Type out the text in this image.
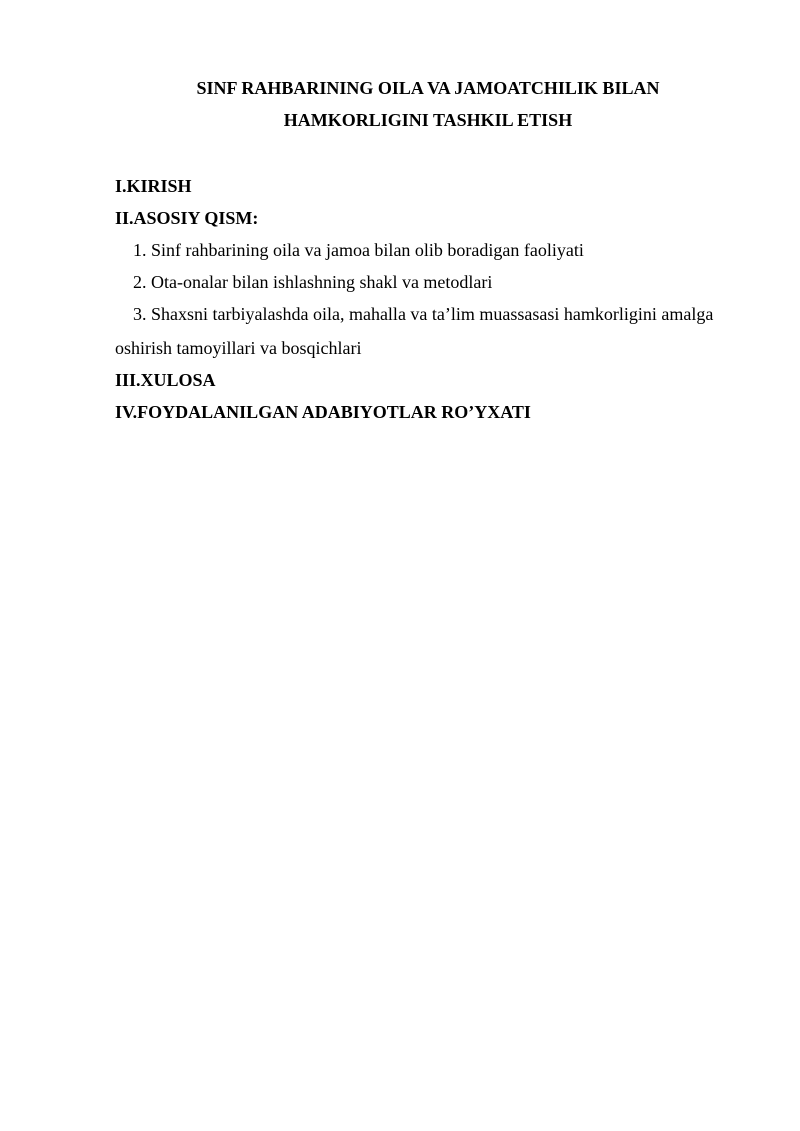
SINF RAHBARINING OILA VA JAMOATCHILIK BILAN
HAMKORLIGINI TASHKIL ETISH
I.KIRISH
II.ASOSIY QISM:
1. Sinf rahbarining oila va jamoa bilan olib boradigan faoliyati
2. Ota-onalar bilan ishlashning shakl va metodlari
3. Shaxsni tarbiyalashda oila, mahalla va ta’lim muassasasi hamkorligini amalga
oshirish tamoyillari va bosqichlari
III.XULOSA
IV.FOYDALANILGAN ADABIYOTLAR RO’YXATI
